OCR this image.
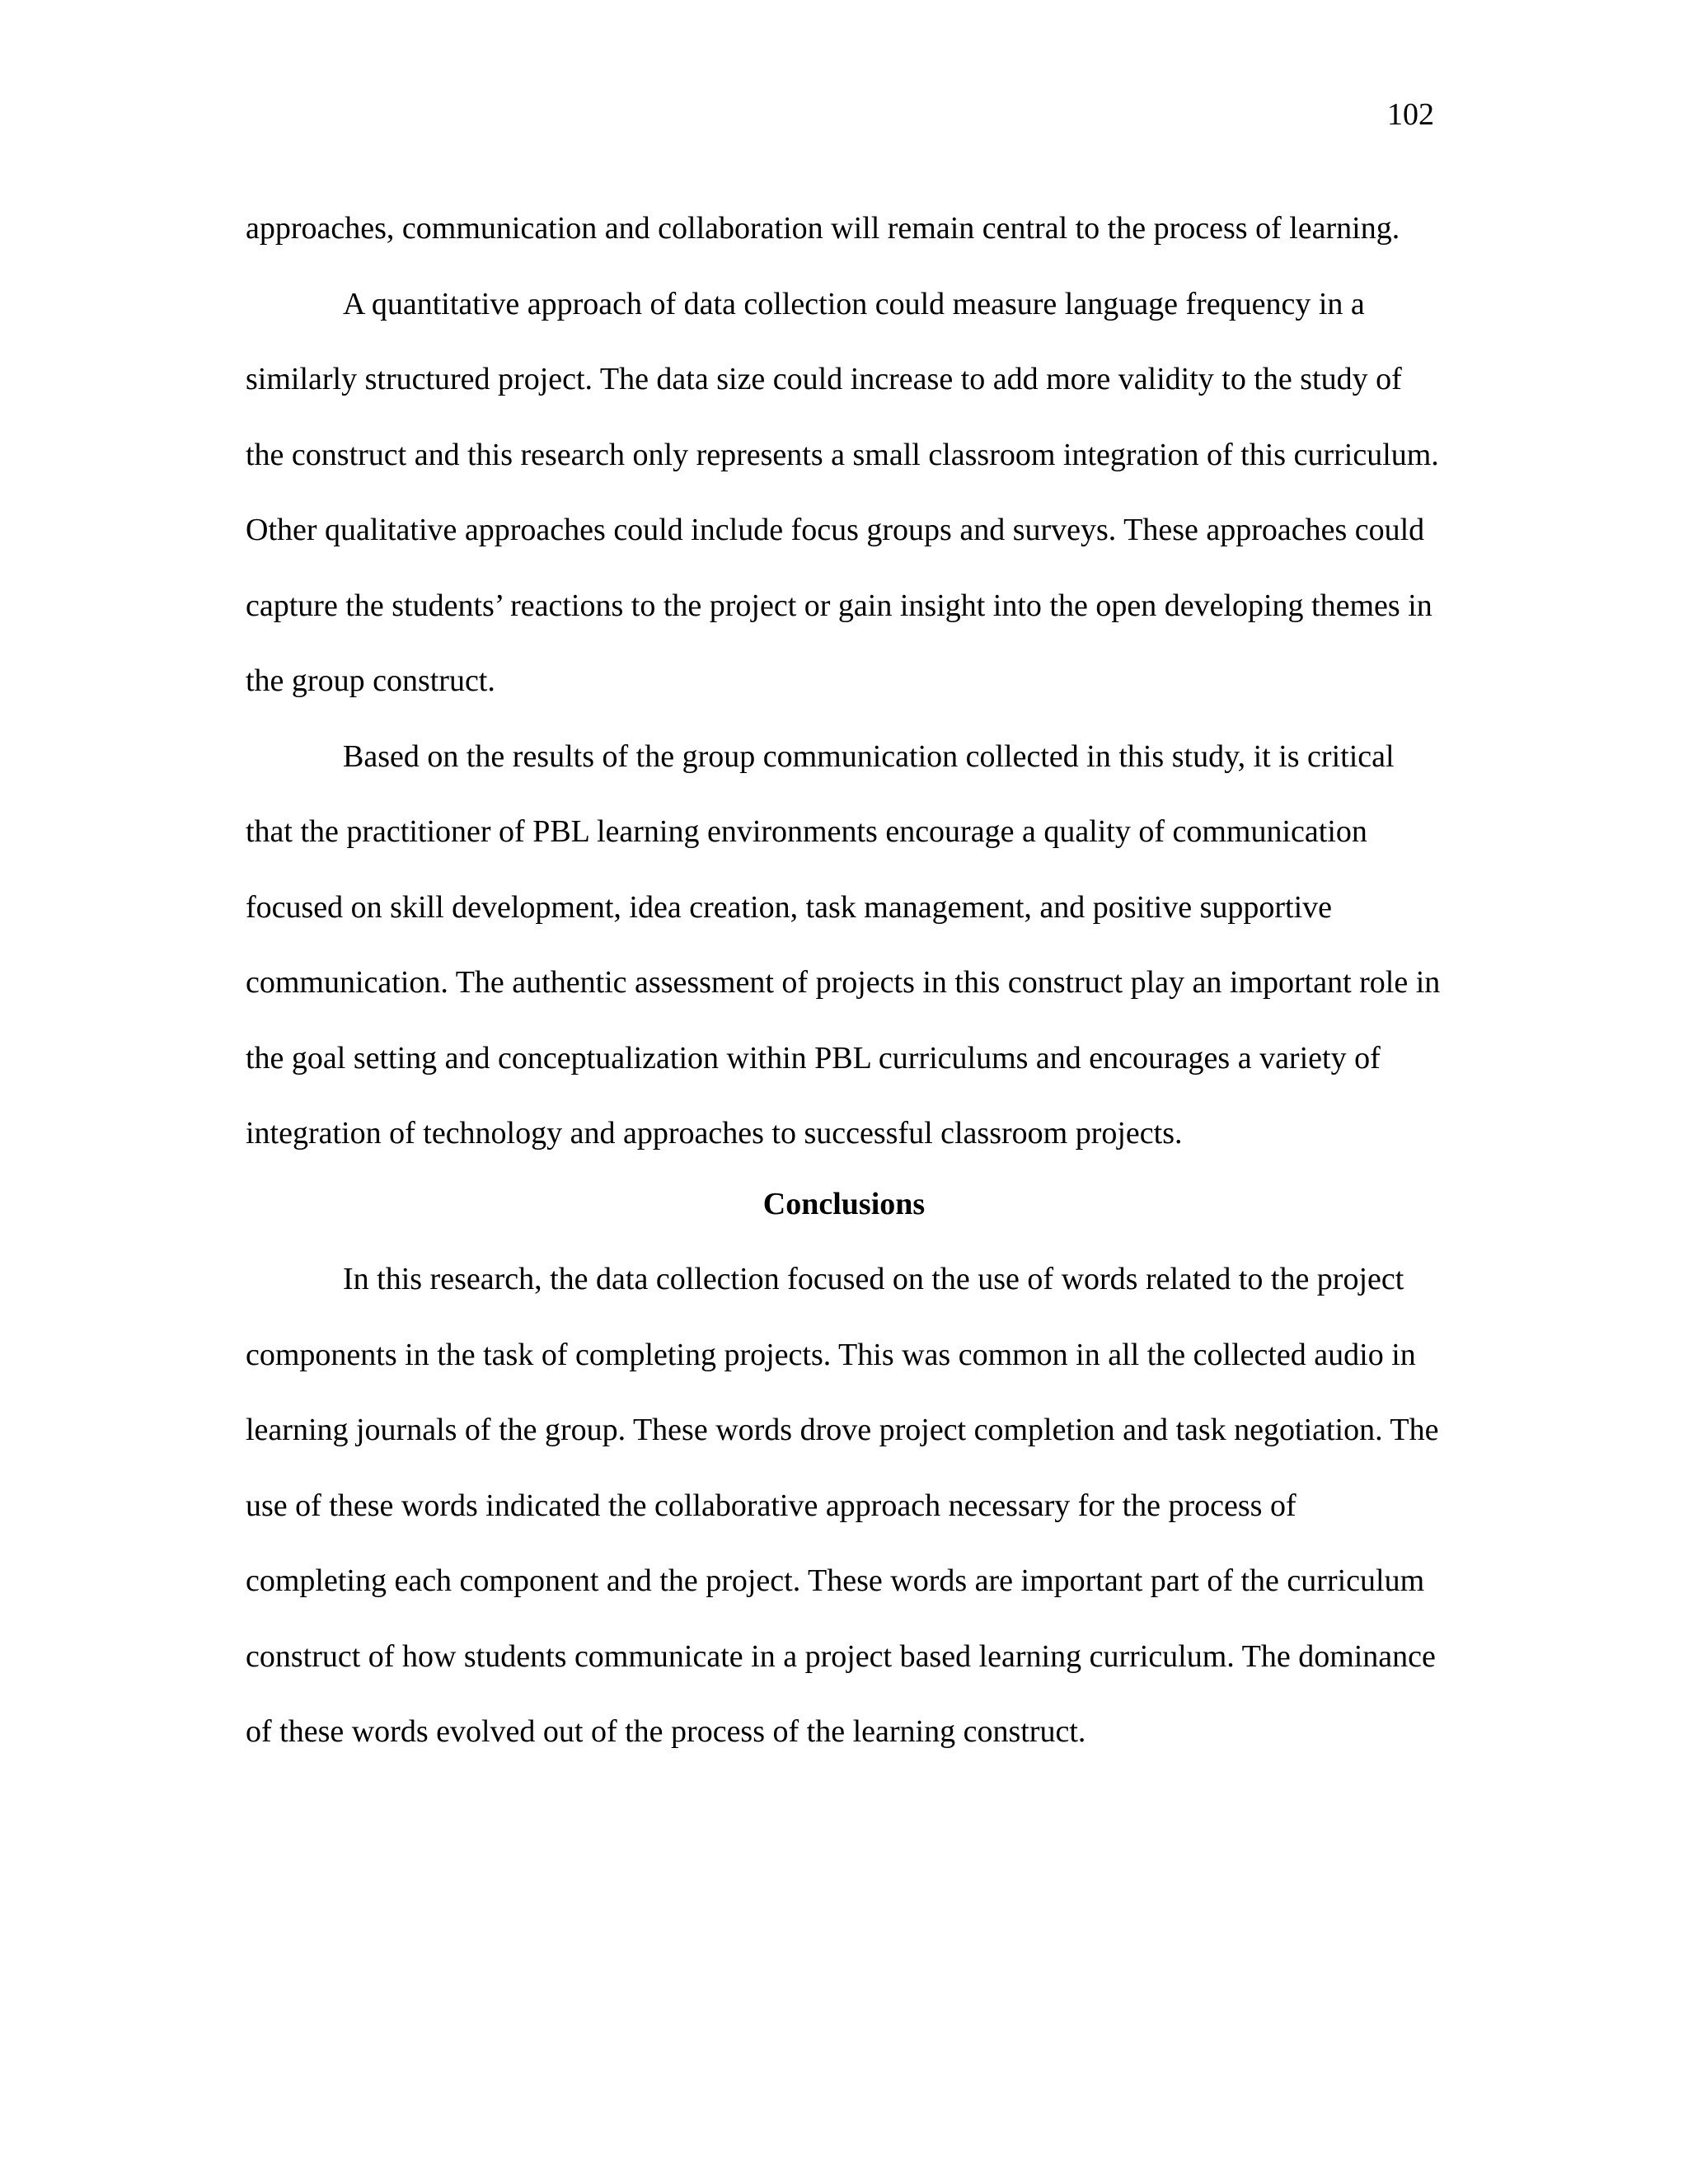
102

approaches, communication and collaboration will remain central to the process of learning.

A quantitative approach of data collection could measure language frequency in a similarly structured project. The data size could increase to add more validity to the study of the construct and this research only represents a small classroom integration of this curriculum. Other qualitative approaches could include focus groups and surveys. These approaches could capture the students’ reactions to the project or gain insight into the open developing themes in the group construct.

Based on the results of the group communication collected in this study, it is critical that the practitioner of PBL learning environments encourage a quality of communication focused on skill development, idea creation, task management, and positive supportive communication. The authentic assessment of projects in this construct play an important role in the goal setting and conceptualization within PBL curriculums and encourages a variety of integration of technology and approaches to successful classroom projects.

Conclusions

In this research, the data collection focused on the use of words related to the project components in the task of completing projects. This was common in all the collected audio in learning journals of the group. These words drove project completion and task negotiation. The use of these words indicated the collaborative approach necessary for the process of completing each component and the project. These words are important part of the curriculum construct of how students communicate in a project based learning curriculum. The dominance of these words evolved out of the process of the learning construct.
